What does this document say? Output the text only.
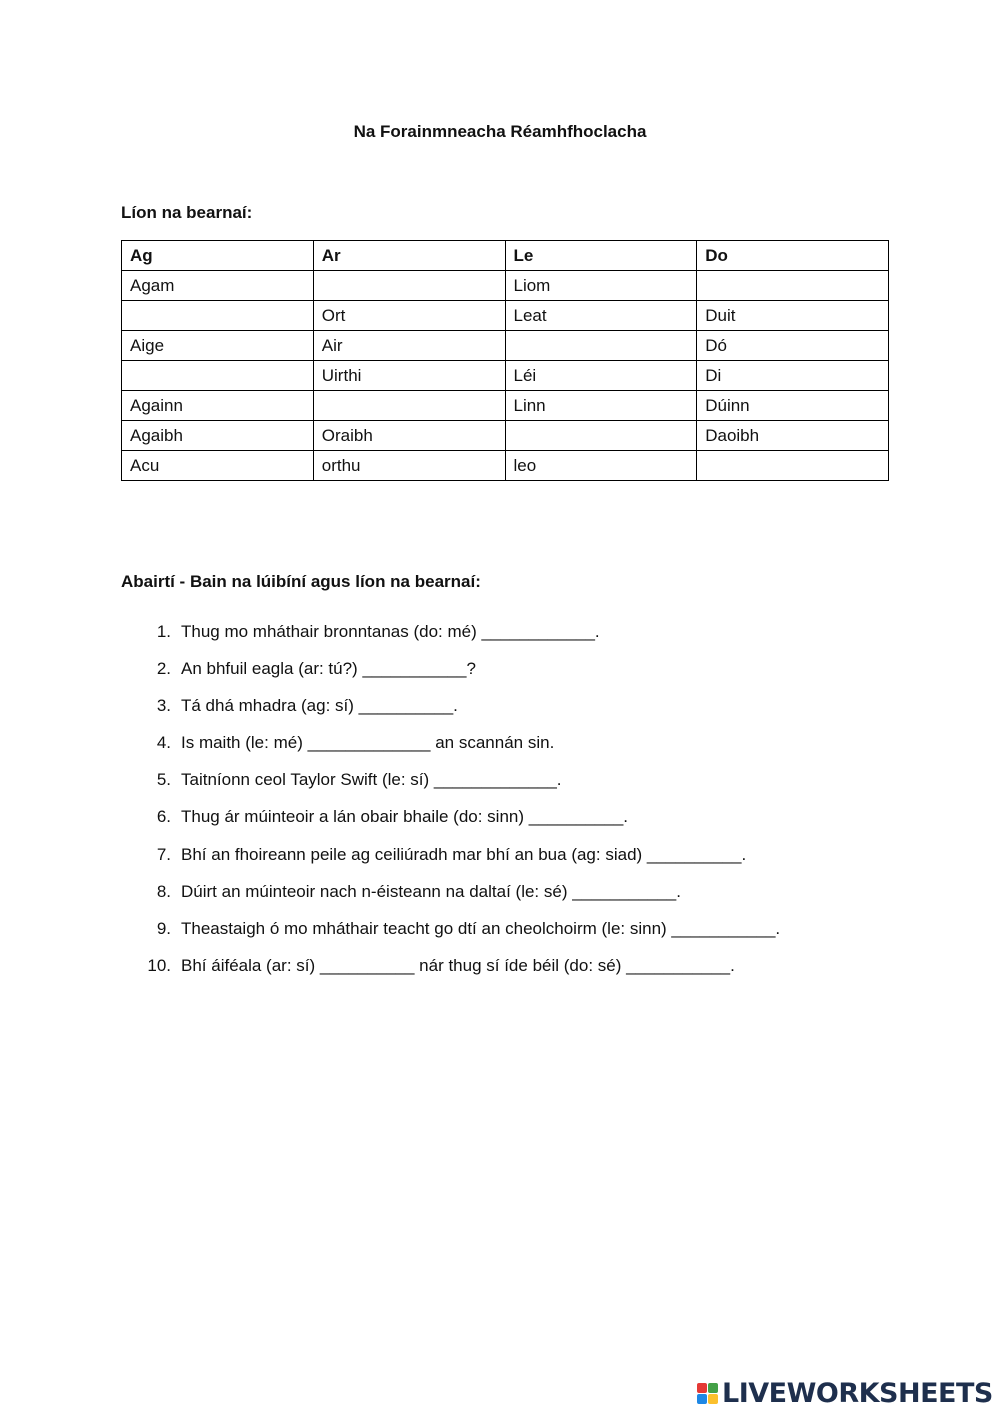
Na Forainmneacha Réamhfhoclacha
Líon na bearnaí:
Ag	Ar	Le	Do
Agam		Liom	
	Ort	Leat	Duit
Aige	Air		Dó
	Uirthi	Léi	Di
Againn		Linn	Dúinn
Agaibh	Oraibh		Daoibh
Acu	orthu	leo	
Abairtí - Bain na lúibíní agus líon na bearnaí:
1. Thug mo mháthair bronntanas (do: mé) ____________.
2. An bhfuil eagla (ar: tú?) ___________?
3. Tá dhá mhadra (ag: sí) __________.
4. Is maith (le: mé) _____________ an scannán sin.
5. Taitníonn ceol Taylor Swift (le: sí) _____________.
6. Thug ár múinteoir a lán obair bhaile (do: sinn) __________.
7. Bhí an fhoireann peile ag ceiliúradh mar bhí an bua (ag: siad) __________.
8. Dúirt an múinteoir nach n-éisteann na daltaí (le: sé) ___________.
9. Theastaigh ó mo mháthair teacht go dtí an cheolchoirm (le: sinn) ___________.
10. Bhí áiféala (ar: sí) __________ nár thug sí íde béil (do: sé) ___________.
LIVEWORKSHEETS
